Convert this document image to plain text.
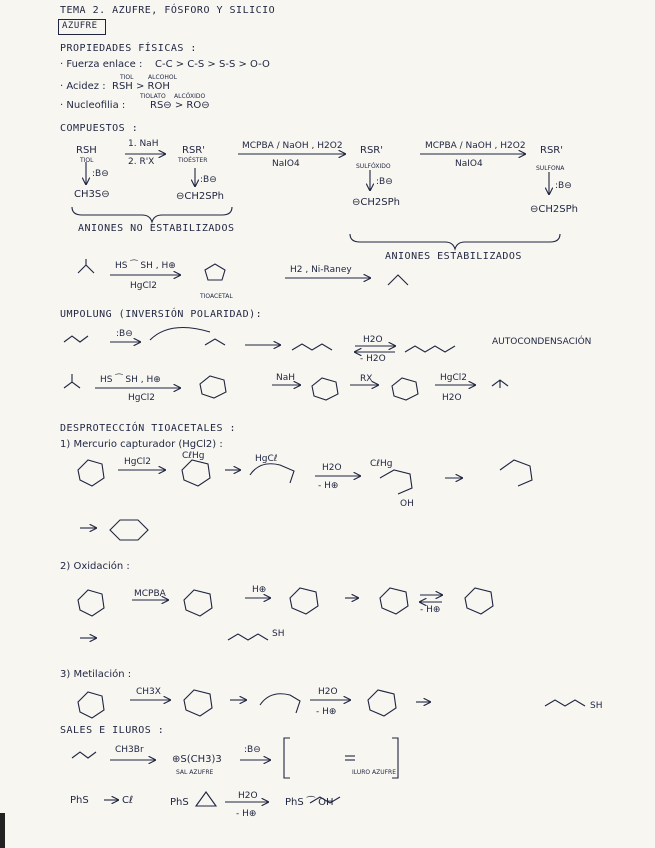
TEMA 2. AZUFRE, FÓSFORO Y SILICIO
AZUFRE
PROPIEDADES FÍSICAS :
· Fuerza enlace : C-C > C-S > S-S > O-O
TIOL ALCOHOL
· Acidez : RSH > ROH
TIOLATO ALCÓXIDO
· Nucleofilia : RS⊖ > RO⊖
COMPUESTOS :
RSH
TIOL
1. NaH
2. R'X
RSR'
TIOÉSTER
MCPBA / NaOH , H2O2
NaIO4
RSR'
SULFÓXIDO
MCPBA / NaOH , H2O2
NaIO4
RSR'
SULFONA
:B⊖
:B⊖	:B⊖	:B⊖
CH3S⊖	⊖CH2SPh
⊖CH2SPh
⊖CH2SPh
ANIONES NO ESTABILIZADOS
ANIONES ESTABILIZADOS
HS ⁀ SH , H⊕
HgCl2
TIOACETAL
H2 , Ni-Raney
UMPOLUNG (INVERSIÓN POLARIDAD):
:B⊖
H2O
- H2O
AUTOCONDENSACIÓN
HS ⁀ SH , H⊕
HgCl2
NaH	RX	HgCl2
H2O
DESPROTECCIÓN TIOACETALES :
1) Mercurio capturador (HgCl2) :
HgCl2
CℓHg	HgCℓ
H2O
- H⊕
CℓHg
OH
2) Oxidación :
MCPBA	H⊕
- H⊕
SH
3) Metilación :
CH3X	H2O
- H⊕
SH
SALES E ILUROS :
CH3Br
⊕S(CH3)3
SAL AZUFRE
:B⊖
ILURO AZUFRE
PhS	Cℓ	PhS
H2O
- H⊕
PhS ⁀ OH
